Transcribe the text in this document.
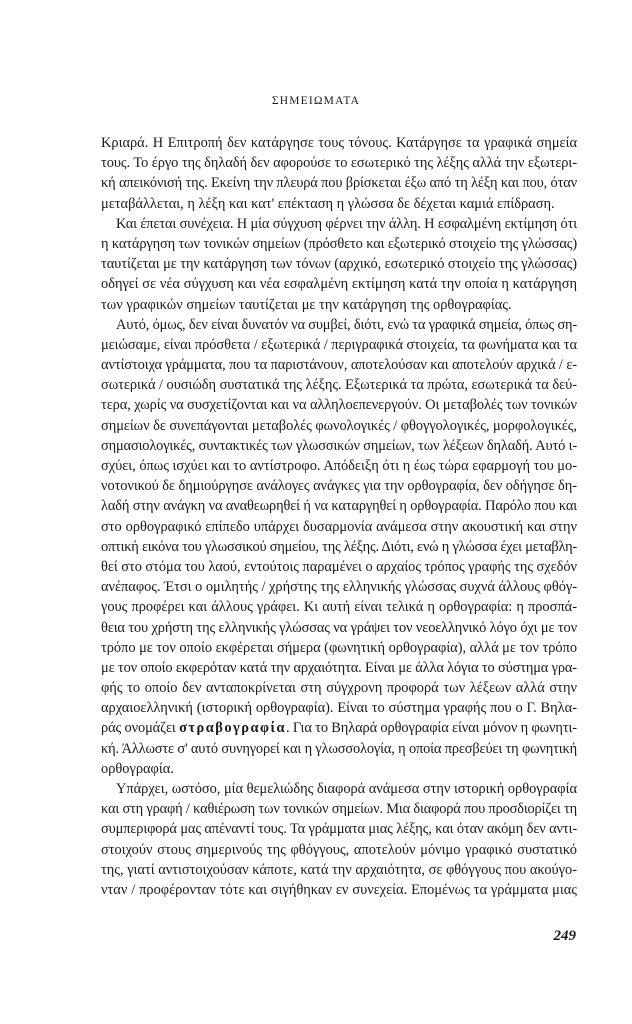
ΣΗΜΕΙΩΜΑΤΑ
Κριαρά. Η Επιτροπή δεν κατάργησε τους τόνους. Κατάργησε τα γραφικά σημεία
τους. Το έργο της δηλαδή δεν αφορούσε το εσωτερικό της λέξης αλλά την εξωτερι-
κή απεικόνισή της. Εκείνη την πλευρά που βρίσκεται έξω από τη λέξη και που, όταν
μεταβάλλεται, η λέξη και κατ' επέκταση η γλώσσα δε δέχεται καμιά επίδραση.
Και έπεται συνέχεια. Η μία σύγχυση φέρνει την άλλη. Η εσφαλμένη εκτίμηση ότι
η κατάργηση των τονικών σημείων (πρόσθετο και εξωτερικό στοιχείο της γλώσσας)
ταυτίζεται με την κατάργηση των τόνων (αρχικό, εσωτερικό στοιχείο της γλώσσας)
οδηγεί σε νέα σύγχυση και νέα εσφαλμένη εκτίμηση κατά την οποία η κατάργηση
των γραφικών σημείων ταυτίζεται με την κατάργηση της ορθογραφίας.
Αυτό, όμως, δεν είναι δυνατόν να συμβεί, διότι, ενώ τα γραφικά σημεία, όπως ση-
μειώσαμε, είναι πρόσθετα / εξωτερικά / περιγραφικά στοιχεία, τα φωνήματα και τα
αντίστοιχα γράμματα, που τα παριστάνουν, αποτελούσαν και αποτελούν αρχικά / ε-
σωτερικά / ουσιώδη συστατικά της λέξης. Εξωτερικά τα πρώτα, εσωτερικά τα δεύ-
τερα, χωρίς να συσχετίζονται και να αλληλοεπενεργούν. Οι μεταβολές των τονικών
σημείων δε συνεπάγονται μεταβολές φωνολογικές / φθογγολογικές, μορφολογικές,
σημασιολογικές, συντακτικές των γλωσσικών σημείων, των λέξεων δηλαδή. Αυτό ι-
σχύει, όπως ισχύει και το αντίστροφο. Απόδειξη ότι η έως τώρα εφαρμογή του μο-
νοτονικού δε δημιούργησε ανάλογες ανάγκες για την ορθογραφία, δεν οδήγησε δη-
λαδή στην ανάγκη να αναθεωρηθεί ή να καταργηθεί η ορθογραφία. Παρόλο που και
στο ορθογραφικό επίπεδο υπάρχει δυσαρμονία ανάμεσα στην ακουστική και στην
οπτική εικόνα του γλωσσικού σημείου, της λέξης. Διότι, ενώ η γλώσσα έχει μεταβλη-
θεί στο στόμα του λαού, εντούτοις παραμένει ο αρχαίος τρόπος γραφής της σχεδόν
ανέπαφος. Έτσι ο ομιλητής / χρήστης της ελληνικής γλώσσας συχνά άλλους φθόγ-
γους προφέρει και άλλους γράφει. Κι αυτή είναι τελικά η ορθογραφία: η προσπά-
θεια του χρήστη της ελληνικής γλώσσας να γράψει τον νεοελληνικό λόγο όχι με τον
τρόπο με τον οποίο εκφέρεται σήμερα (φωνητική ορθογραφία), αλλά με τον τρόπο
με τον οποίο εκφερόταν κατά την αρχαιότητα. Είναι με άλλα λόγια το σύστημα γρα-
φής το οποίο δεν ανταποκρίνεται στη σύγχρονη προφορά των λέξεων αλλά στην
αρχαιοελληνική (ιστορική ορθογραφία). Είναι το σύστημα γραφής που ο Γ. Βηλα-
ράς ονομάζει στραβογραφία. Για το Βηλαρά ορθογραφία είναι μόνον η φωνητι-
κή. Άλλωστε σ' αυτό συνηγορεί και η γλωσσολογία, η οποία πρεσβεύει τη φωνητική
ορθογραφία.
Υπάρχει, ωστόσο, μία θεμελιώδης διαφορά ανάμεσα στην ιστορική ορθογραφία
και στη γραφή / καθιέρωση των τονικών σημείων. Μια διαφορά που προσδιορίζει τη
συμπεριφορά μας απέναντί τους. Τα γράμματα μιας λέξης, και όταν ακόμη δεν αντι-
στοιχούν στους σημερινούς της φθόγγους, αποτελούν μόνιμο γραφικό συστατικό
της, γιατί αντιστοιχούσαν κάποτε, κατά την αρχαιότητα, σε φθόγγους που ακούγο-
νταν / προφέρονταν τότε και σιγήθηκαν εν συνεχεία. Επομένως τα γράμματα μιας
249
